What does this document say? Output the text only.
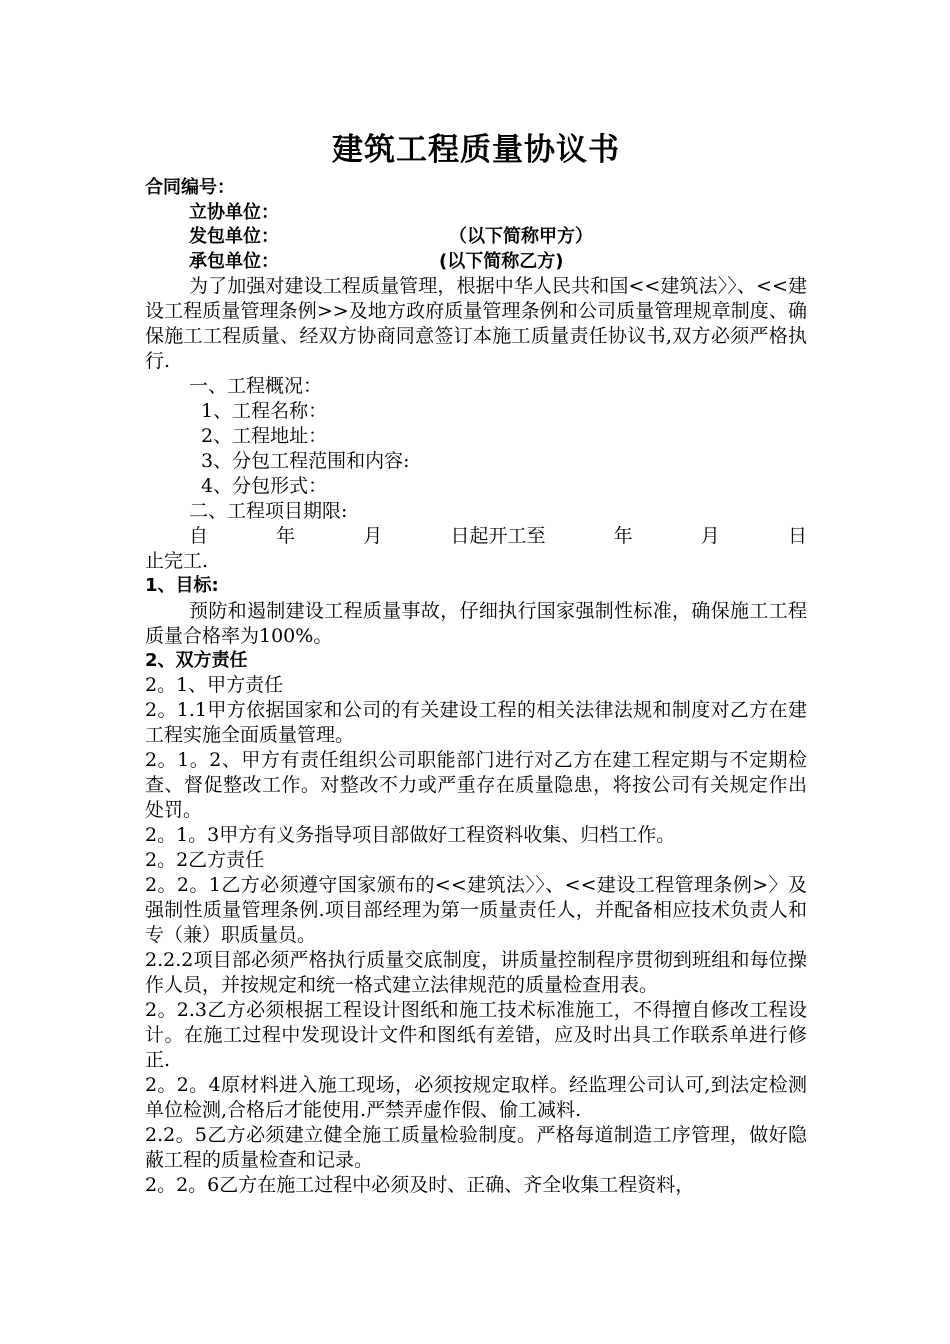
建筑工程质量协议书
合同编号：
立协单位：
发包单位：	（以下简称甲方）
承包单位：	(以下简称乙方)

为了加强对建设工程质量管理，根据中华人民共和国<<建筑法〉〉、<<建设工程质量管理条例>>及地方政府质量管理条例和公司质量管理规章制度、确保施工工程质量、经双方协商同意签订本施工质量责任协议书,双方必须严格执行.

一、工程概况：
1、工程名称：
2、工程地址：
3、分包工程范围和内容:
4、分包形式：
二、工程项目期限:
自	年	月	日起开工至	年	月	日
止完工.
1、目标:

预防和遏制建设工程质量事故，仔细执行国家强制性标准，确保施工工程质量合格率为100%。

2、双方责任
2。1、甲方责任

2。1.1甲方依据国家和公司的有关建设工程的相关法律法规和制度对乙方在建工程实施全面质量管理。

2。1。2、甲方有责任组织公司职能部门进行对乙方在建工程定期与不定期检查、督促整改工作。对整改不力或严重存在质量隐患，将按公司有关规定作出处罚。

2。1。3甲方有义务指导项目部做好工程资料收集、归档工作。

2。2乙方责任

2。2。1乙方必须遵守国家颁布的<<建筑法〉〉、<<建设工程管理条例>〉及强制性质量管理条例.项目部经理为第一质量责任人，并配备相应技术负责人和专（兼）职质量员。

2.2.2项目部必须严格执行质量交底制度，讲质量控制程序贯彻到班组和每位操作人员，并按规定和统一格式建立法律规范的质量检查用表。

2。2.3乙方必须根据工程设计图纸和施工技术标准施工，不得擅自修改工程设计。在施工过程中发现设计文件和图纸有差错，应及时出具工作联系单进行修正.

2。2。4原材料进入施工现场，必须按规定取样。经监理公司认可,到法定检测单位检测,合格后才能使用.严禁弄虚作假、偷工减料.

2.2。5乙方必须建立健全施工质量检验制度。严格每道制造工序管理，做好隐蔽工程的质量检查和记录。

2。2。6乙方在施工过程中必须及时、正确、齐全收集工程资料，
